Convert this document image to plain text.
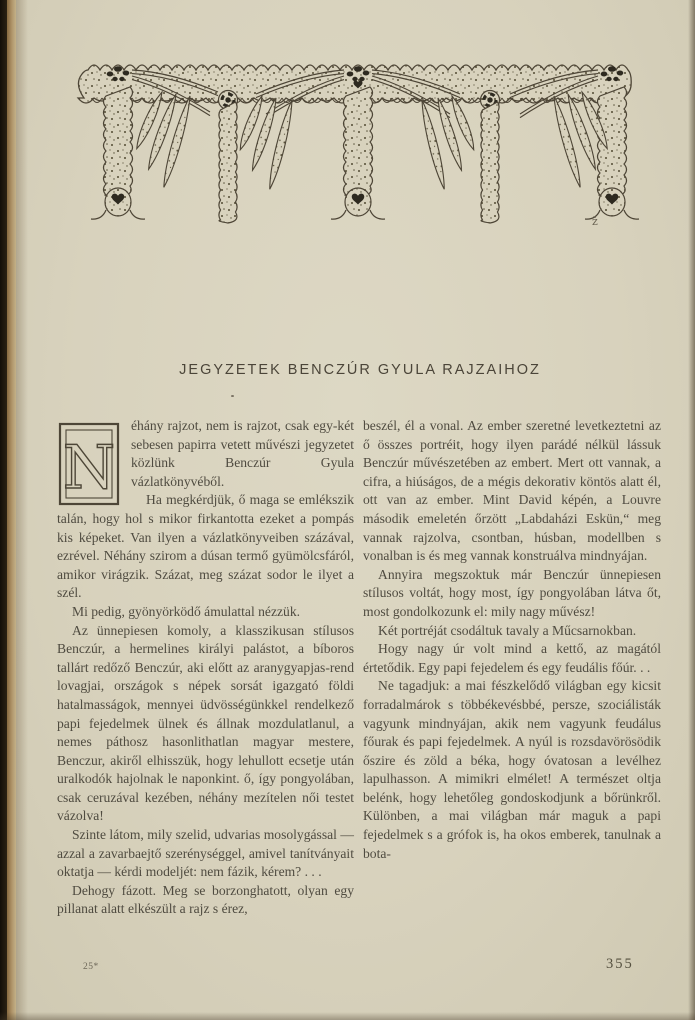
ž
JEGYZETEK BENCZÚR GYULA RAJZAIHOZ

N
éhány rajzot, nem is rajzot, csak egy-két sebesen papirra vetett művészi jegyzetet közlünk Benczúr Gyula vázlatkönyvéből.

Ha megkérdjük, ő maga se emlékszik talán, hogy hol s mikor firkantotta ezeket a pompás kis képeket. Van ilyen a vázlatkönyveiben százával, ezrével. Néhány szirom a dúsan termő gyümölcsfáról, amikor virágzik. Százat, meg százat sodor le ilyet a szél.

Mi pedig, gyönyörködő ámulattal nézzük.

Az ünnepiesen komoly, a klasszikusan stílusos Benczúr, a hermelines királyi palástot, a bíboros tallárt redőző Benczúr, aki előtt az aranygyapjas-rend lovagjai, országok s népek sorsát igazgató földi hatalmasságok, mennyei üdvösségünkkel rendelkező papi fejedelmek ülnek és állnak mozdulatlanul, a nemes páthosz hasonlithatlan magyar mestere, Benczur, akiről elhisszük, hogy lehullott ecsetje után uralkodók hajolnak le naponkint. ő, így pongyolában, csak ceruzával kezében, néhány mezítelen női testet vázolva!

Szinte látom, mily szelid, udvarias mosolygással — azzal a zavarbaejtő szerénységgel, amivel tanítványait oktatja — kérdi modeljét: nem fázik, kérem? . . .

Dehogy fázott. Meg se borzonghatott, olyan egy pillanat alatt elkészült a rajz s érez,

beszél, él a vonal. Az ember szeretné levetkeztetni az ő összes portréit, hogy ilyen parádé nélkül lássuk Benczúr művészetében az embert. Mert ott vannak, a cifra, a hiúságos, de a mégis dekorativ köntös alatt él, ott van az ember. Mint David képén, a Louvre második emeletén őrzött „Labdaházi Eskün,“ meg vannak rajzolva, csontban, húsban, modellben s vonalban is és meg vannak konstruálva mindnyájan.

Annyira megszoktuk már Benczúr ünnepiesen stílusos voltát, hogy most, így pongyolában látva őt, most gondolkozunk el: mily nagy művész!

Két portréját csodáltuk tavaly a Műcsarnokban.

Hogy nagy úr volt mind a kettő, az magától értetődik. Egy papi fejedelem és egy feudális főúr. . .

Ne tagadjuk: a mai fészkelődő világban egy kicsit forradalmárok s többékevésbbé, persze, szociálisták vagyunk mindnyájan, akik nem vagyunk feudálus főurak és papi fejedelmek. A nyúl is rozsdavörösödik őszire és zöld a béka, hogy óvatosan a levélhez lapulhasson. A mimikri elmélet! A természet oltja belénk, hogy lehetőleg gondoskodjunk a bőrünkről. Különben, a mai világban már maguk a papi fejedelmek s a grófok is, ha okos emberek, tanulnak a bota-

25*	355
